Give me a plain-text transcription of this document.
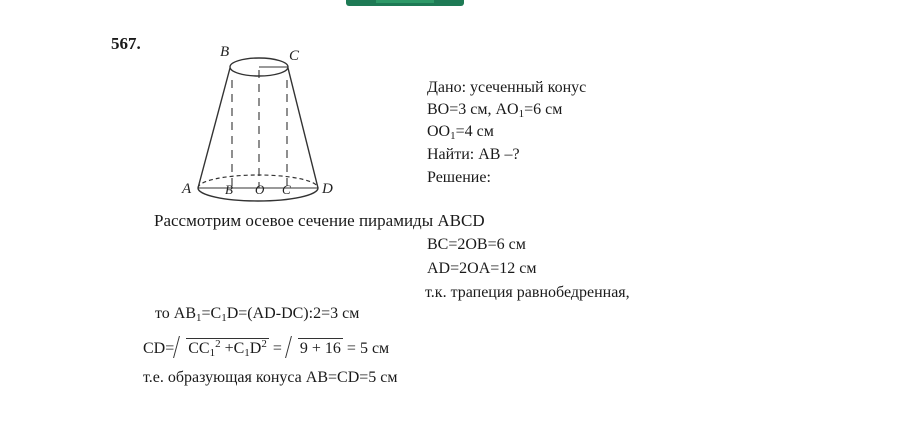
567.	B	C
A	D
B O C
Дано: усеченный конус
BO=3 см, $AO_1=6$ см
$OO_1=4$ см
Найти: AB –?
Решение:
Рассмотрим осевое сечение пирамиды ABCD
BC=2OB=6 см
AD=2OA=12 см
т.к. трапеция равнобедренная,
то $AB_1=C_1D=(AD-DC):2=3$ см
$CD= CC_1^2 +C_1D^2 = 9 + 16 = 5$ см
т.е. образующая конуса AB=CD=5 см
